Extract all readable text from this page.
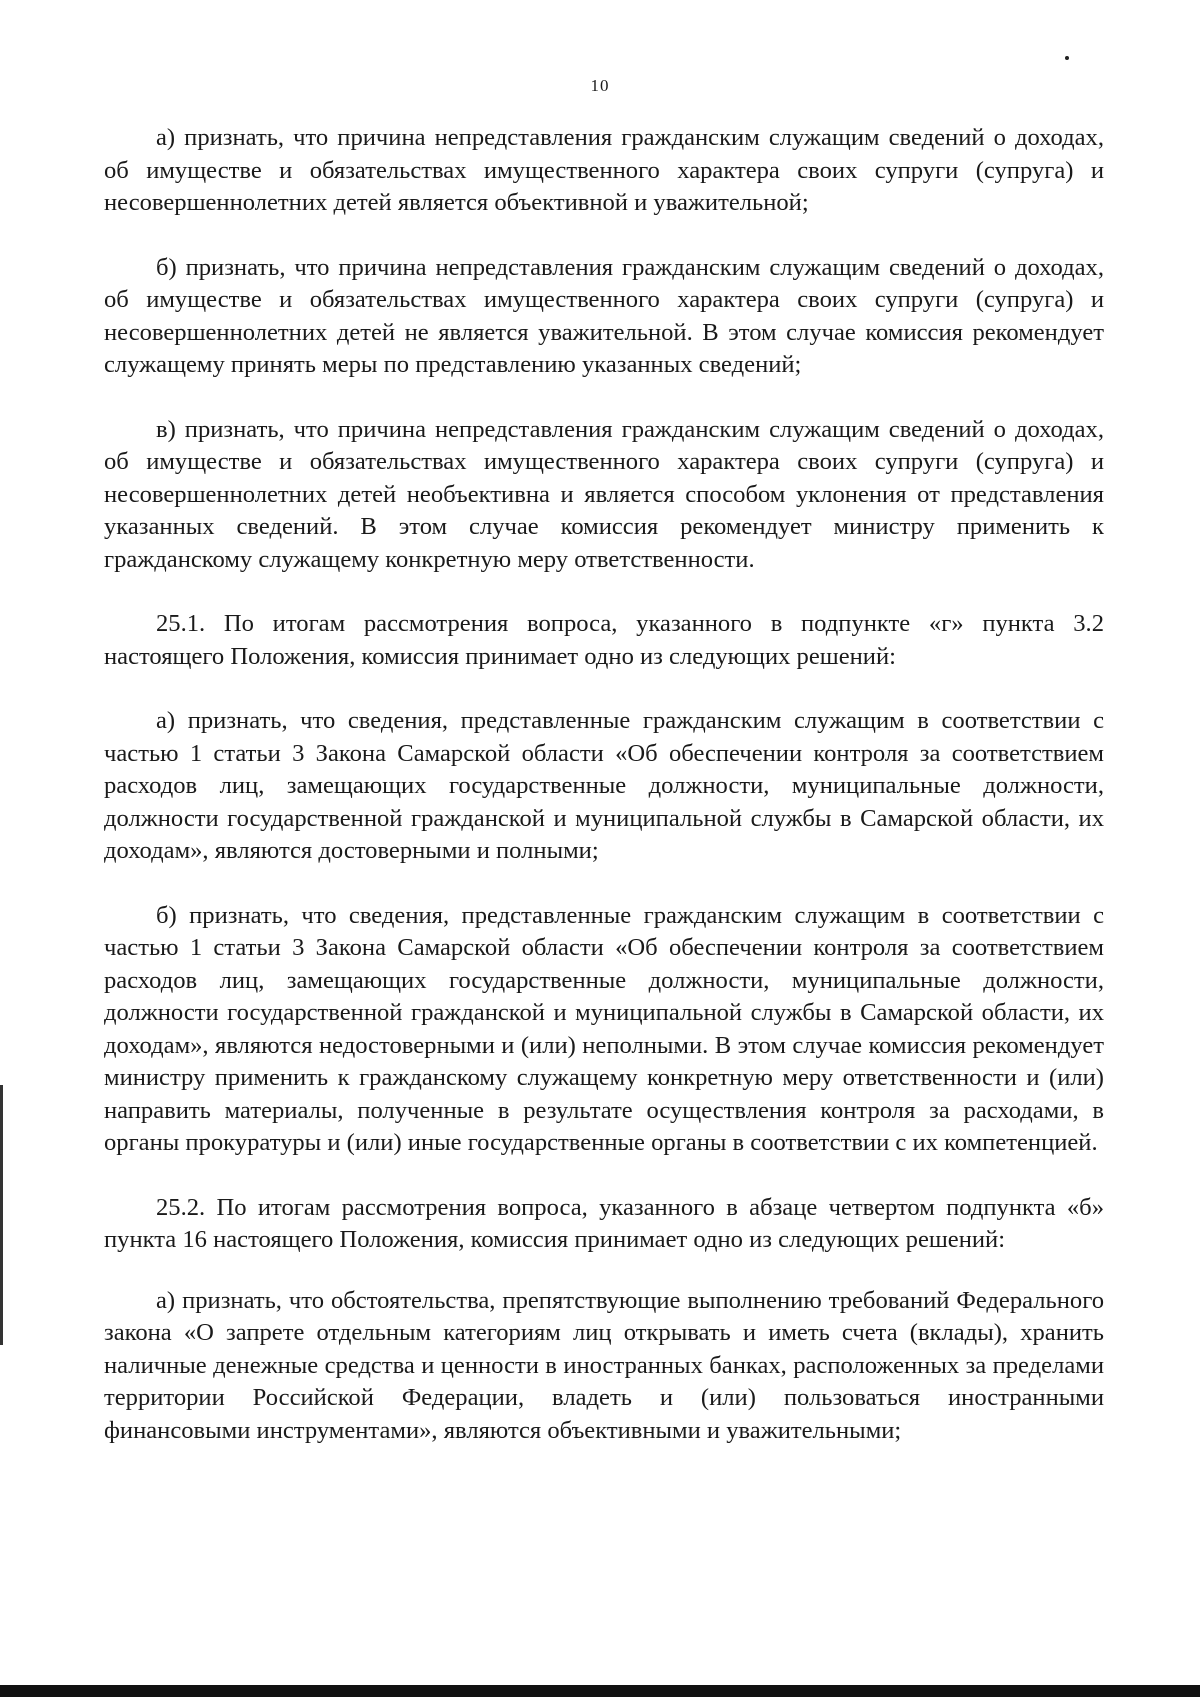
10

а) признать, что причина непредставления гражданским служащим сведений о доходах, об имуществе и обязательствах имущественного характера своих супруги (супруга) и несовершеннолетних детей является объективной и уважительной;

б) признать, что причина непредставления гражданским служащим сведений о доходах, об имуществе и обязательствах имущественного характера своих супруги (супруга) и несовершеннолетних детей не является уважительной. В этом случае комиссия рекомендует служащему принять меры по представлению указанных сведений;

в) признать, что причина непредставления гражданским служащим сведений о доходах, об имуществе и обязательствах имущественного характера своих супруги (супруга) и несовершеннолетних детей необъективна и является способом уклонения от представления указанных сведений. В этом случае комиссия рекомендует министру применить к гражданскому служащему конкретную меру ответственности.

25.1. По итогам рассмотрения вопроса, указанного в подпункте «г» пункта 3.2 настоящего Положения, комиссия принимает одно из следующих решений:

а) признать, что сведения, представленные гражданским служащим в соответствии с частью 1 статьи 3 Закона Самарской области «Об обеспечении контроля за соответствием расходов лиц, замещающих государственные должности, муниципальные должности, должности государственной гражданской и муниципальной службы в Самарской области, их доходам», являются достоверными и полными;

б) признать, что сведения, представленные гражданским служащим в соответствии с частью 1 статьи 3 Закона Самарской области «Об обеспечении контроля за соответствием расходов лиц, замещающих государственные должности, муниципальные должности, должности государственной гражданской и муниципальной службы в Самарской области, их доходам», являются недостоверными и (или) неполными. В этом случае комиссия рекомендует министру применить к гражданскому служащему конкретную меру ответственности и (или) направить материалы, полученные в результате осуществления контроля за расходами, в органы прокуратуры и (или) иные государственные органы в соответствии с их компетенцией.

25.2. По итогам рассмотрения вопроса, указанного в абзаце четвертом подпункта «б» пункта 16 настоящего Положения, комиссия принимает одно из следующих решений:

а) признать, что обстоятельства, препятствующие выполнению требований Федерального закона «О запрете отдельным категориям лиц открывать и иметь счета (вклады), хранить наличные денежные средства и ценности в иностранных банках, расположенных за пределами территории Российской Федерации, владеть и (или) пользоваться иностранными финансовыми инструментами», являются объективными и уважительными;
